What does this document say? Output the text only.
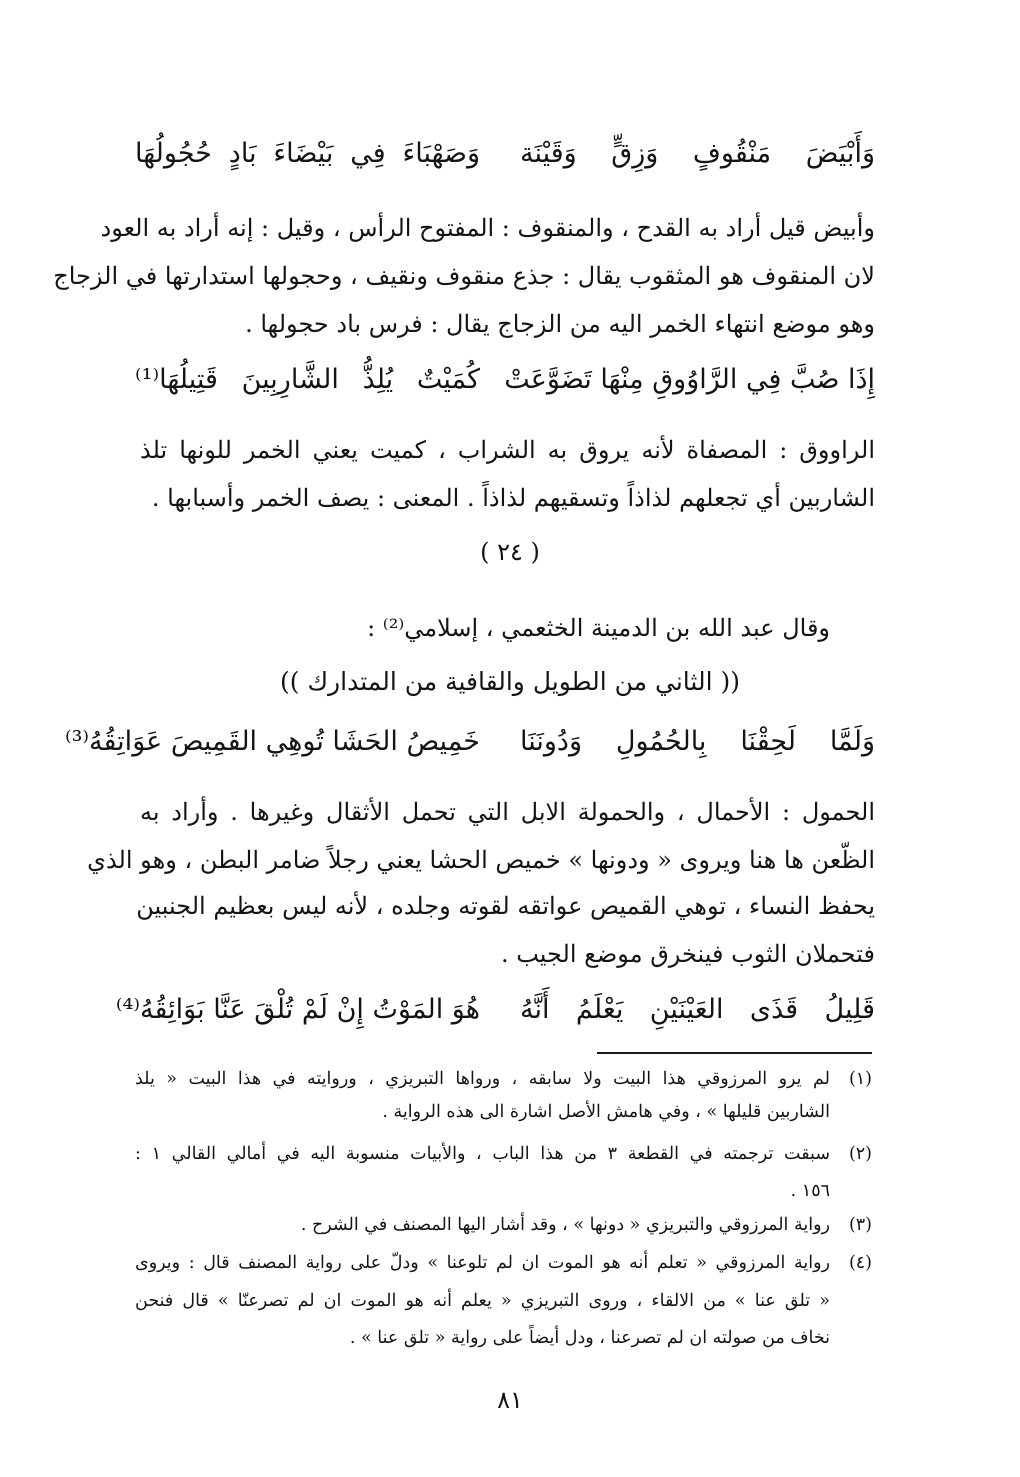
وَأَبْيَضَ مَنْقُوفٍ وَزِقٍّ وَقَيْنَة
وَصَهْبَاءَ فِي بَيْضَاءَ بَادٍ حُجُولُهَا
وأبيض قيل أراد به القدح ، والمنقوف : المفتوح الرأس ، وقيل : إنه أراد به العود
لان المنقوف هو المثقوب يقال : جذع منقوف ونقيف ، وحجولها استدارتها في الزجاج
وهو موضع انتهاء الخمر اليه من الزجاج يقال : فرس باد حجولها .
إِذَا صُبَّ فِي الرَّاوُوقِ مِنْهَا تَضَوَّعَتْ
كُمَيْتٌ يُلِذُّ الشَّارِبِينَ قَتِيلُهَا⁽¹⁾
الراووق : المصفاة لأنه يروق به الشراب ، كميت يعني الخمر للونها تلذ
الشاربين أي تجعلهم لذاذاً وتسقيهم لذاذاً . المعنى : يصف الخمر وأسبابها .
( ٢٤ )
وقال عبد الله بن الدمينة الخثعمي ، إسلامي⁽²⁾ :
(( الثاني من الطويل والقافية من المتدارك ))
وَلَمَّا لَحِقْنَا بِالحُمُولِ وَدُونَنَا
خَمِيصُ الحَشَا تُوهِي القَمِيصَ عَوَاتِقُهُ⁽³⁾
الحمول : الأحمال ، والحمولة الابل التي تحمل الأثقال وغيرها . وأراد به
الظّعن ها هنا ويروى « ودونها » خميص الحشا يعني رجلاً ضامر البطن ، وهو الذي
يحفظ النساء ، توهي القميص عواتقه لقوته وجلده ، لأنه ليس بعظيم الجنبين
فتحملان الثوب فينخرق موضع الجيب .
قَلِيلُ قَذَى العَيْنَيْنِ يَعْلَمُ أَنَّهُ
هُوَ المَوْتُ إِنْ لَمْ تُلْقَ عَنَّا بَوَائِقُهُ⁽⁴⁾
(١)
لم يرو المرزوقي هذا البيت ولا سابقه ، ورواها التبريزي ، وروايته في هذا البيت « يلذ
الشاربين قليلها » ، وفي هامش الأصل اشارة الى هذه الرواية .
(٢)
سبقت ترجمته في القطعة ٣ من هذا الباب ، والأبيات منسوبة اليه في أمالي القالي ١ :
١٥٦ .
(٣)
رواية المرزوقي والتبريزي « دونها » ، وقد أشار اليها المصنف في الشرح .
(٤)
رواية المرزوقي « تعلم أنه هو الموت ان لم تلوعنا » ودلّ على رواية المصنف قال : ويروى
« تلق عنا » من الالقاء ، وروى التبريزي « يعلم أنه هو الموت ان لم تصرعنّا » قال فنحن
نخاف من صولته ان لم تصرعنا ، ودل أيضاً على رواية « تلق عنا » .
٨١
